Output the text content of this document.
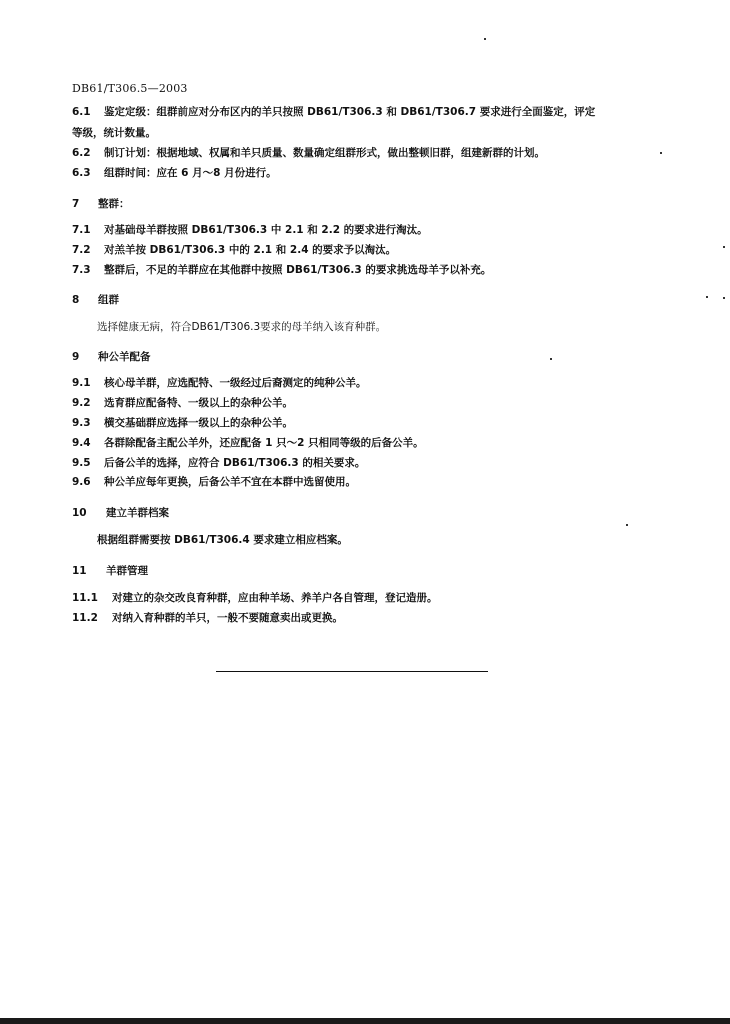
DB61/T306.5—2003
6.1 鉴定定级：组群前应对分布区内的羊只按照 DB61/T306.3 和 DB61/T306.7 要求进行全面鉴定，评定
等级，统计数量。
6.2 制订计划：根据地域、权属和羊只质量、数量确定组群形式，做出整顿旧群，组建新群的计划。
6.3 组群时间：应在 6 月～8 月份进行。
7 整群：
7.1 对基础母羊群按照 DB61/T306.3 中 2.1 和 2.2 的要求进行淘汰。
7.2 对羔羊按 DB61/T306.3 中的 2.1 和 2.4 的要求予以淘汰。
7.3 整群后，不足的羊群应在其他群中按照 DB61/T306.3 的要求挑选母羊予以补充。
8 组群
选择健康无病，符合DB61/T306.3要求的母羊纳入该育种群。
9 种公羊配备
9.1 核心母羊群，应选配特、一级经过后裔测定的纯种公羊。
9.2 选育群应配备特、一级以上的杂种公羊。
9.3 横交基础群应选择一级以上的杂种公羊。
9.4 各群除配备主配公羊外，还应配备 1 只～2 只相同等级的后备公羊。
9.5 后备公羊的选择，应符合 DB61/T306.3 的相关要求。
9.6 种公羊应每年更换，后备公羊不宜在本群中选留使用。
10 建立羊群档案
根据组群需要按 DB61/T306.4 要求建立相应档案。
11 羊群管理
11.1 对建立的杂交改良育种群，应由种羊场、养羊户各自管理，登记造册。
11.2 对纳入育种群的羊只，一般不要随意卖出或更换。
